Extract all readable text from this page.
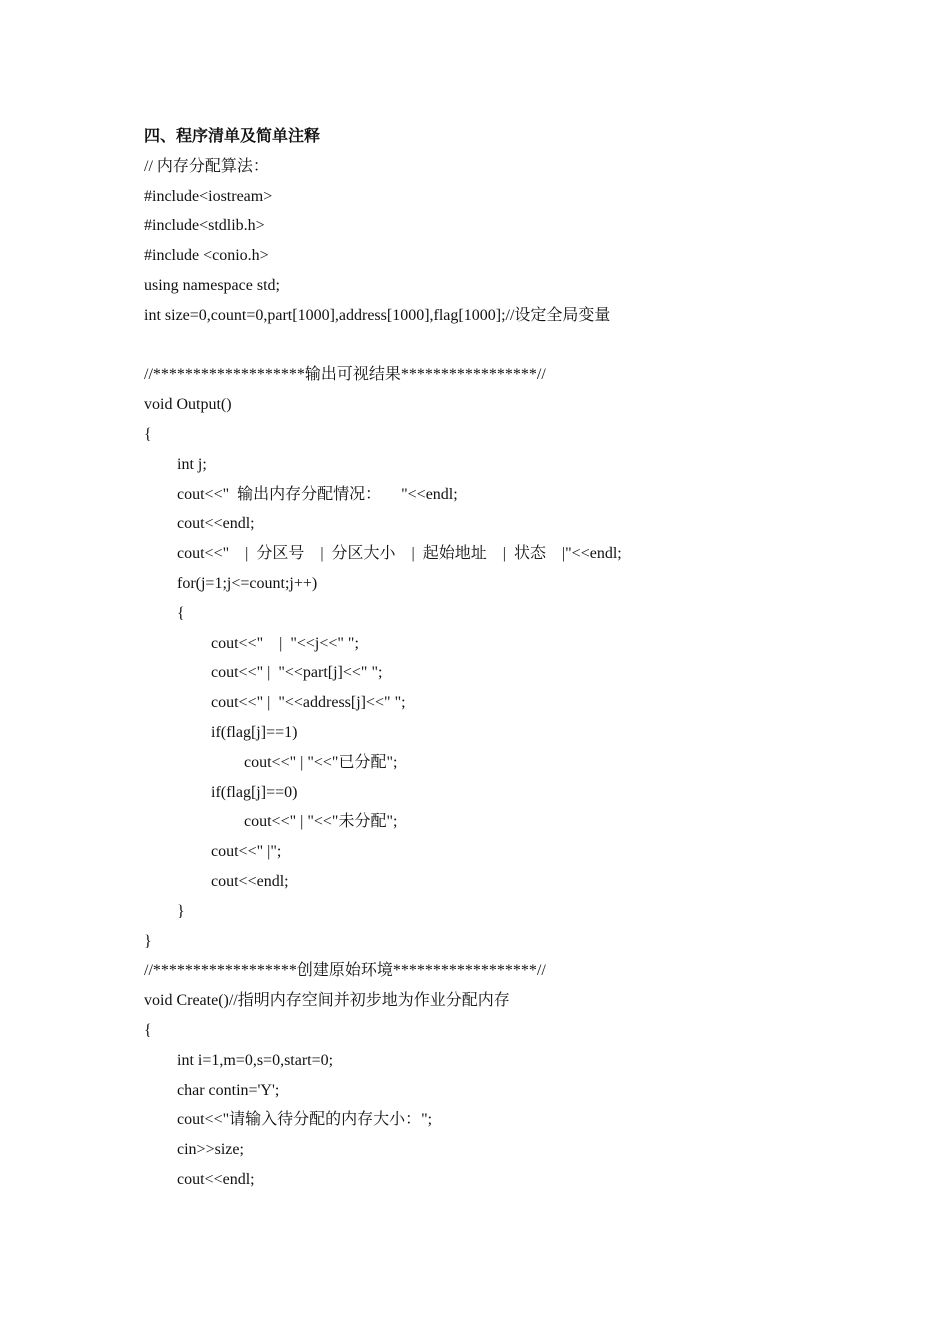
四、程序清单及简单注释
// 内存分配算法：
#include<iostream>
#include<stdlib.h>
#include <conio.h>
using namespace std;
int size=0,count=0,part[1000],address[1000],flag[1000];//设定全局变量
//*******************输出可视结果*****************//
void Output()
{
int j;
cout<<"  输出内存分配情况：     "<<endl;
cout<<endl;
cout<<"    |  分区号    |  分区大小    |  起始地址    |  状态    |"<<endl;
for(j=1;j<=count;j++)
{
cout<<"    |  "<<j<<" ";
cout<<" |  "<<part[j]<<" ";
cout<<" |  "<<address[j]<<" ";
if(flag[j]==1)
cout<<" | "<<"已分配";
if(flag[j]==0)
cout<<" | "<<"未分配";
cout<<" |";
cout<<endl;
}
}
//******************创建原始环境******************//
void Create()//指明内存空间并初步地为作业分配内存
{
int i=1,m=0,s=0,start=0;
char contin='Y';
cout<<"请输入待分配的内存大小：";
cin>>size;
cout<<endl;
